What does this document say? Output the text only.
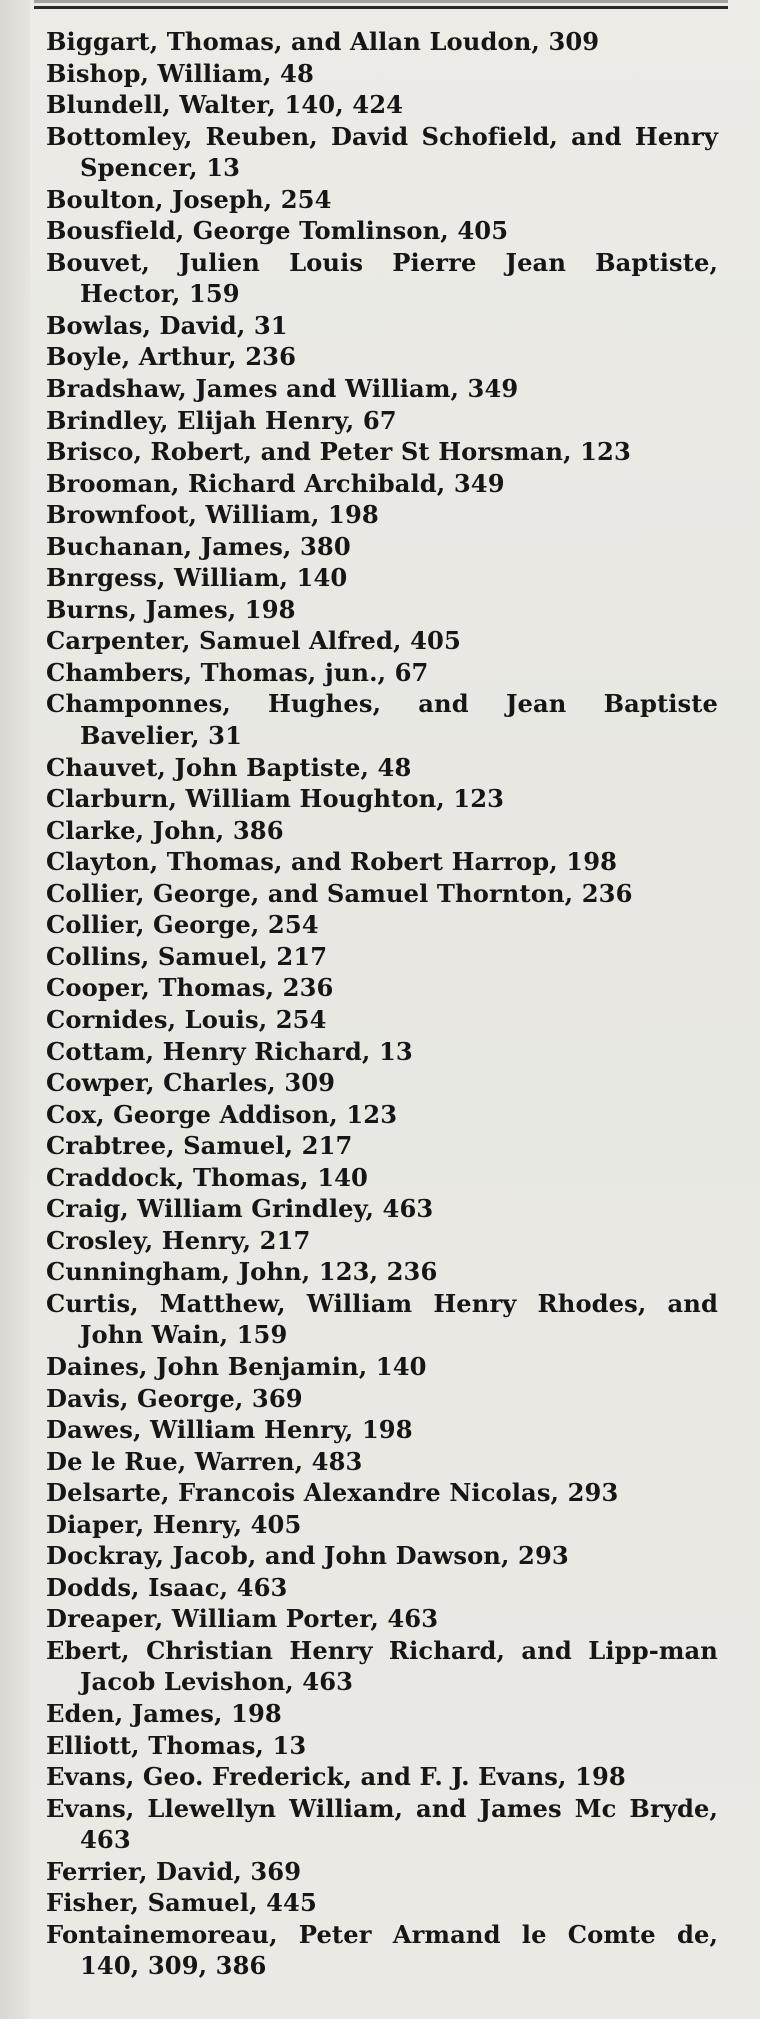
Biggart, Thomas, and Allan Loudon, 309
Bishop, William, 48
Blundell, Walter, 140, 424
Bottomley, Reuben, David Schofield, and Henry Spencer, 13
Boulton, Joseph, 254
Bousfield, George Tomlinson, 405
Bouvet, Julien Louis Pierre Jean Baptiste, Hector, 159
Bowlas, David, 31
Boyle, Arthur, 236
Bradshaw, James and William, 349
Brindley, Elijah Henry, 67
Brisco, Robert, and Peter St Horsman, 123
Brooman, Richard Archibald, 349
Brownfoot, William, 198
Buchanan, James, 380
Bnrgess, William, 140
Burns, James, 198
Carpenter, Samuel Alfred, 405
Chambers, Thomas, jun., 67
Champonnes, Hughes, and Jean Baptiste Bavelier, 31
Chauvet, John Baptiste, 48
Clarburn, William Houghton, 123
Clarke, John, 386
Clayton, Thomas, and Robert Harrop, 198
Collier, George, and Samuel Thornton, 236
Collier, George, 254
Collins, Samuel, 217
Cooper, Thomas, 236
Cornides, Louis, 254
Cottam, Henry Richard, 13
Cowper, Charles, 309
Cox, George Addison, 123
Crabtree, Samuel, 217
Craddock, Thomas, 140
Craig, William Grindley, 463
Crosley, Henry, 217
Cunningham, John, 123, 236
Curtis, Matthew, William Henry Rhodes, and John Wain, 159
Daines, John Benjamin, 140
Davis, George, 369
Dawes, William Henry, 198
De le Rue, Warren, 483
Delsarte, Francois Alexandre Nicolas, 293
Diaper, Henry, 405
Dockray, Jacob, and John Dawson, 293
Dodds, Isaac, 463
Dreaper, William Porter, 463
Ebert, Christian Henry Richard, and Lipp-man Jacob Levishon, 463
Eden, James, 198
Elliott, Thomas, 13
Evans, Geo. Frederick, and F. J. Evans, 198
Evans, Llewellyn William, and James Mc Bryde, 463
Ferrier, David, 369
Fisher, Samuel, 445
Fontainemoreau, Peter Armand le Comte de, 140, 309, 386
